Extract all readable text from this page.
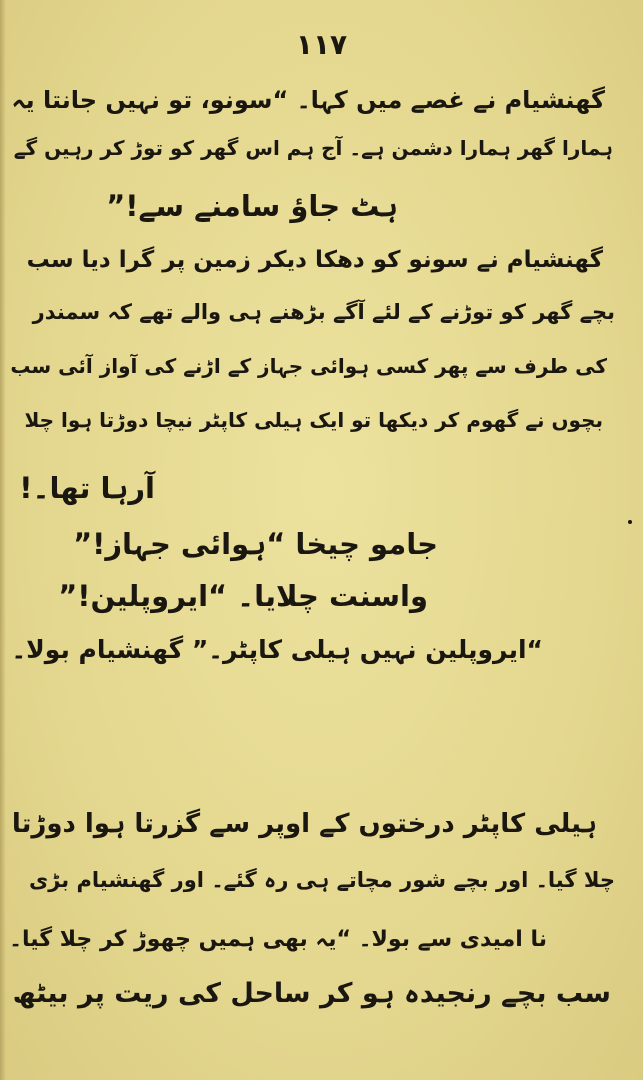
١١٧
گھنشیام نے غصے میں کہا۔ “سونو، تو نہیں جانتا یہ
ہمارا گھر ہمارا دشمن ہے۔ آج ہم اس گھر کو توڑ کر رہیں گے
ہٹ جاؤ سامنے سے!”
گھنشیام نے سونو کو دھکا دیکر زمین پر گرا دیا سب
بچے گھر کو توڑنے کے لئے آگے بڑھنے ہی والے تھے کہ سمندر
کی طرف سے پھر کسی ہوائی جہاز کے اڑنے کی آواز آئی سب
بچوں نے گھوم کر دیکھا تو ایک ہیلی کاپٹر نیچا دوڑتا ہوا چلا
آرہا تھا۔!
جامو چیخا “ہوائی جہاز!”
واسنت چلایا۔ “ایروپلین!”
“ایروپلین نہیں ہیلی کاپٹر۔” گھنشیام بولا۔
ہیلی کاپٹر درختوں کے اوپر سے گزرتا ہوا دوڑتا
چلا گیا۔ اور بچے شور مچاتے ہی رہ گئے۔ اور گھنشیام بڑی
نا امیدی سے بولا۔ “یہ بھی ہمیں چھوڑ کر چلا گیا۔
سب بچے رنجیدہ ہو کر ساحل کی ریت پر بیٹھ
